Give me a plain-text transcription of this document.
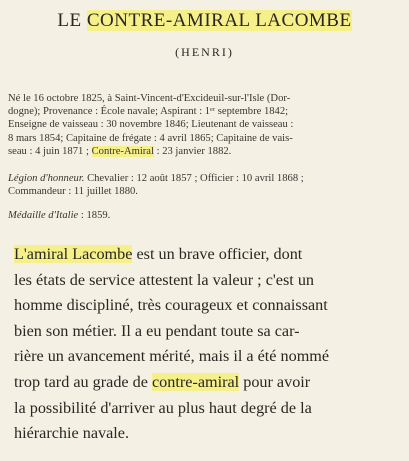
LE CONTRE-AMIRAL LACOMBE
(HENRI)
Né le 16 octobre 1825, à Saint-Vincent-d'Excideuil-sur-l'Isle (Dor-
dogne); Provenance : École navale; Aspirant : 1ᵉʳ septembre 1842;
Enseigne de vaisseau : 30 novembre 1846; Lieutenant de vaisseau :
8 mars 1854; Capitaine de frégate : 4 avril 1865; Capitaine de vais-
seau : 4 juin 1871 ; Contre-Amiral : 23 janvier 1882.
Légion d'honneur. Chevalier : 12 août 1857 ; Officier : 10 avril 1868 ;
Commandeur : 11 juillet 1880.
Médaille d'Italie : 1859.
L'amiral Lacombe est un brave officier, dont
les états de service attestent la valeur ; c'est un
homme discipliné, très courageux et connaissant
bien son métier. Il a eu pendant toute sa car-
rière un avancement mérité, mais il a été nommé
trop tard au grade de contre-amiral pour avoir
la possibilité d'arriver au plus haut degré de la
hiérarchie navale.
